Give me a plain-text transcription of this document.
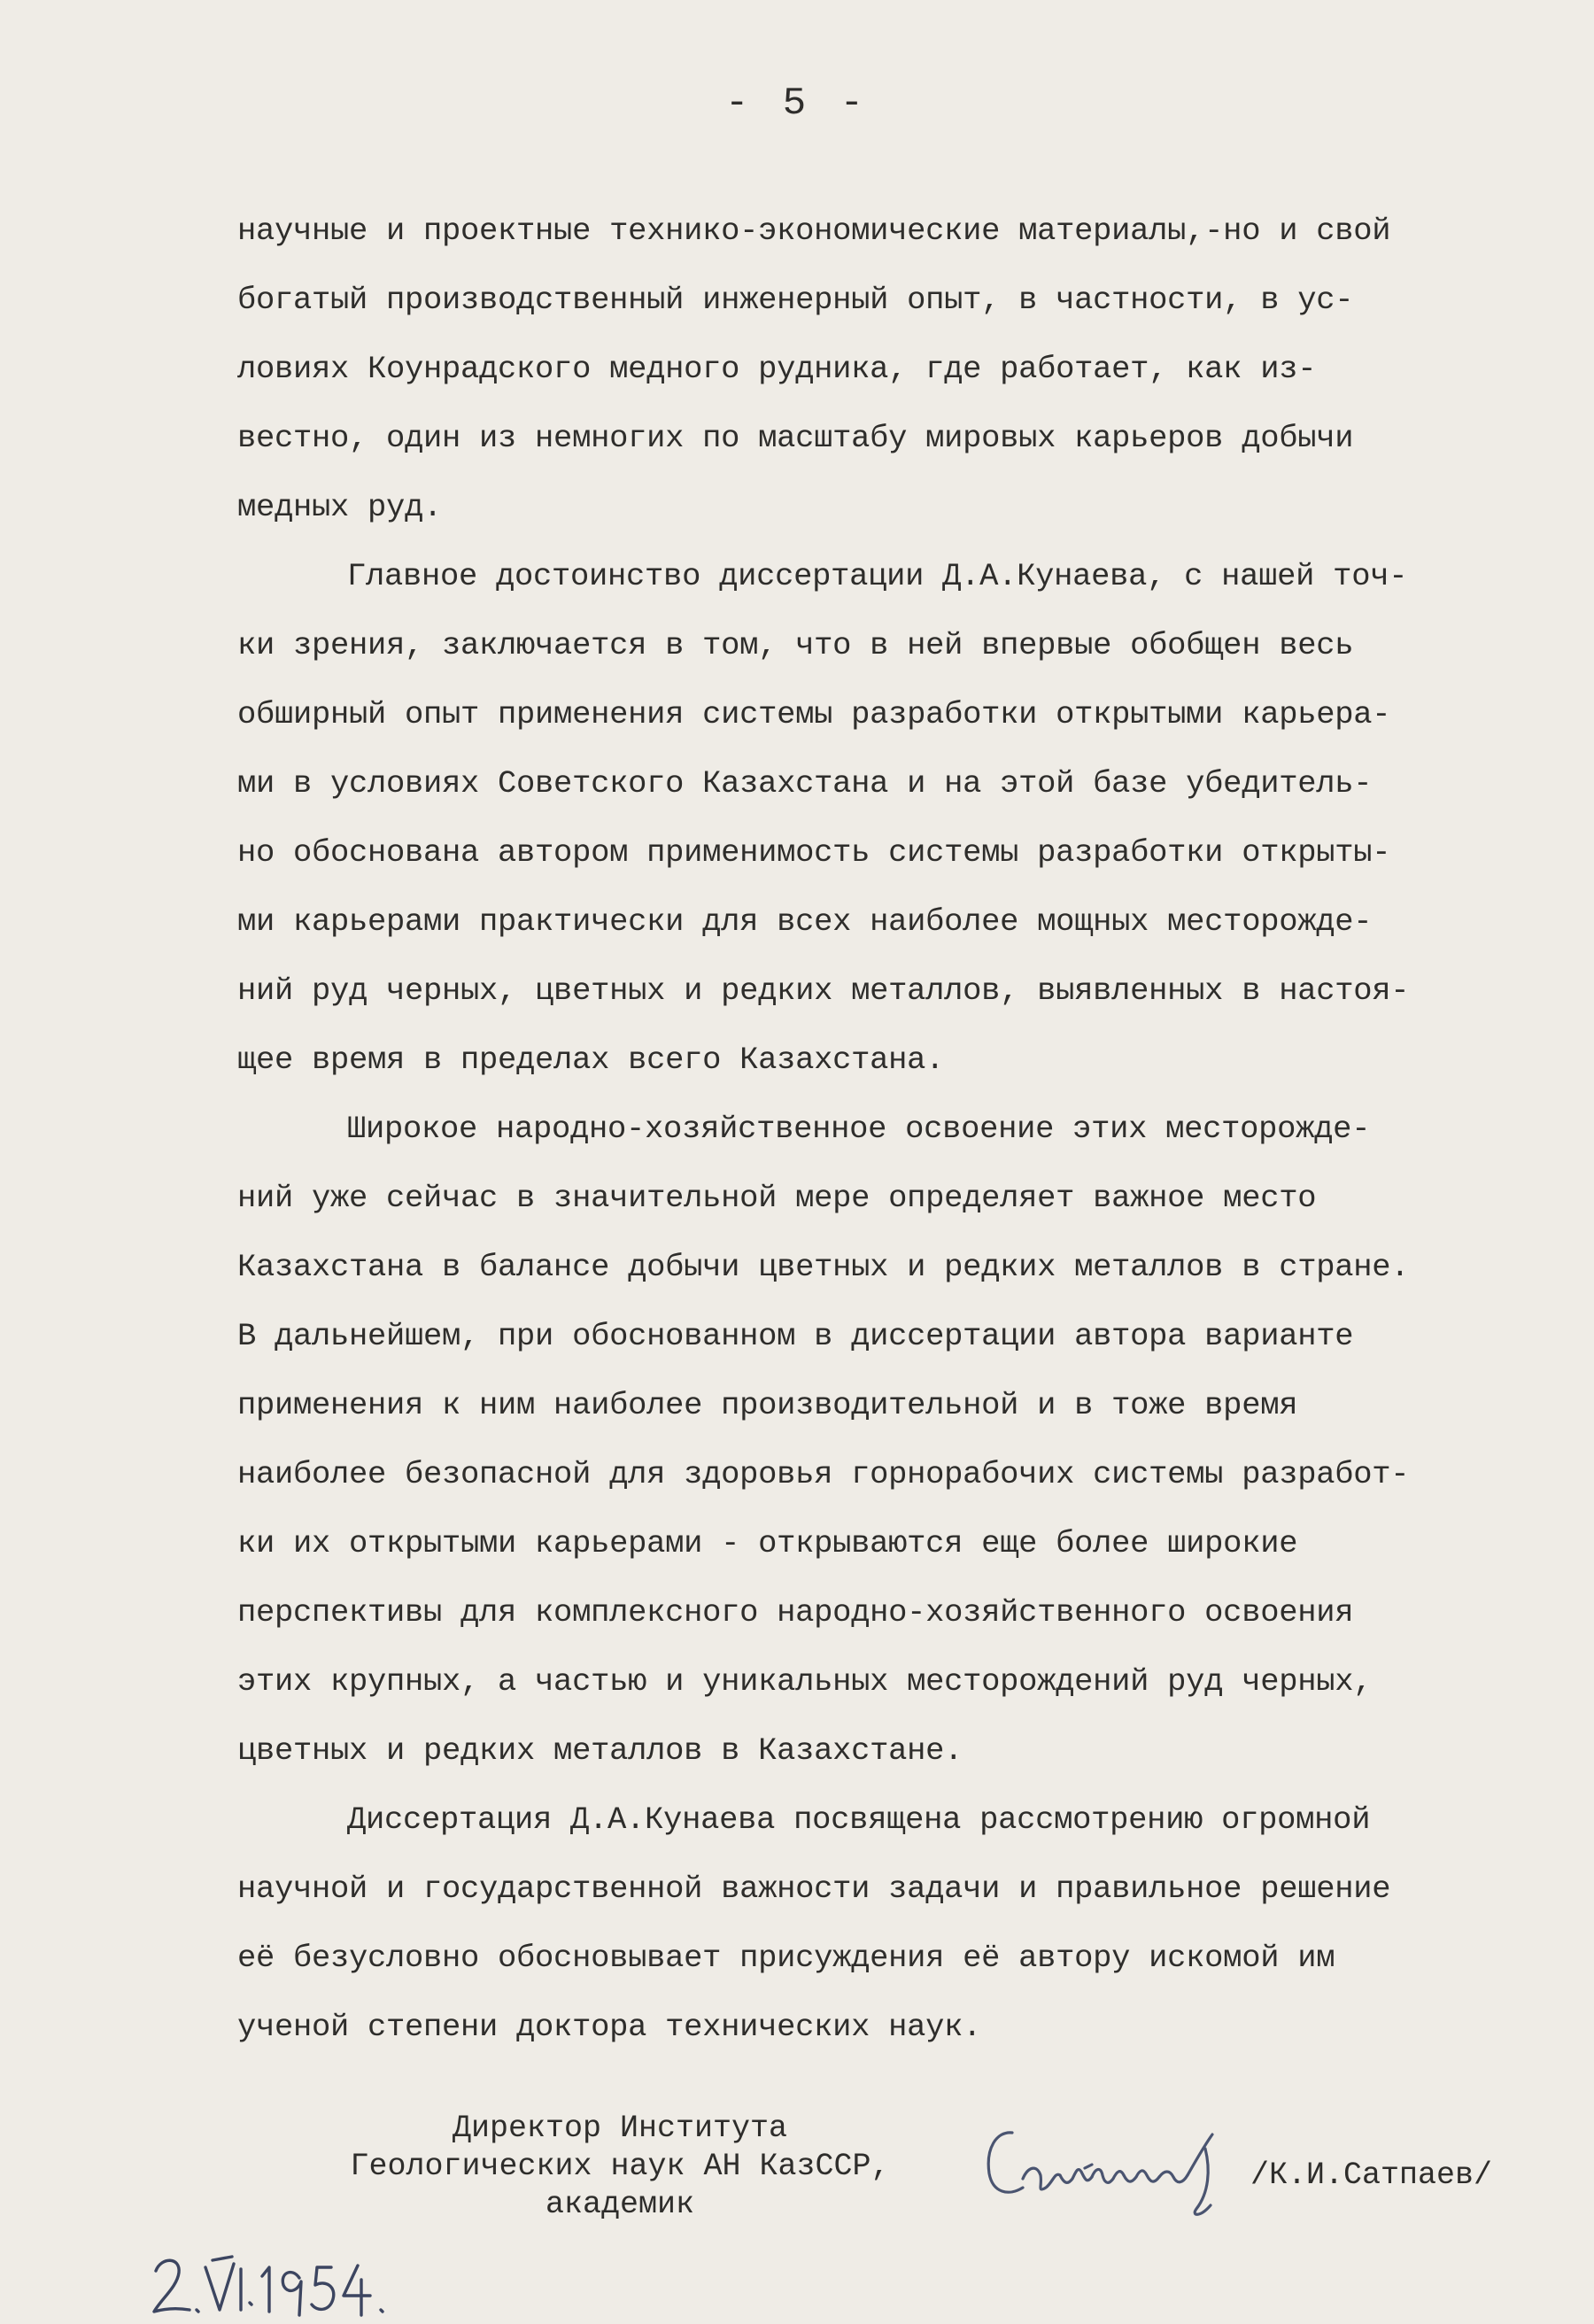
- 5 -
научные и проектные технико-экономические материалы,-но и свой
богатый производственный инженерный опыт, в частности, в ус-
ловиях Коунрадского медного рудника, где работает, как из-
вестно, один из немногих по масштабу мировых карьеров добычи
медных руд.
Главное достоинство диссертации Д.А.Кунаева, с нашей точ-
ки зрения, заключается в том, что в ней впервые обобщен весь
обширный опыт применения системы разработки открытыми карьера-
ми в условиях Советского Казахстана и на этой базе убедитель-
но обоснована автором применимость системы разработки открыты-
ми карьерами практически для всех наиболее мощных месторожде-
ний руд черных, цветных и редких металлов, выявленных в настоя-
щее время в пределах всего Казахстана.
Широкое народно-хозяйственное освоение этих месторожде-
ний уже сейчас в значительной мере определяет важное место
Казахстана в балансе добычи цветных и редких металлов в стране.
В дальнейшем, при обоснованном в диссертации автора варианте
применения к ним наиболее производительной и в тоже время
наиболее безопасной для здоровья горнорабочих системы разработ-
ки их открытыми карьерами - открываются еще более широкие
перспективы для комплексного народно-хозяйственного освоения
этих крупных, а частью и уникальных месторождений руд черных,
цветных и редких металлов в Казахстане.
Диссертация Д.А.Кунаева посвящена рассмотрению огромной
научной и государственной важности задачи и правильное решение
её безусловно обосновывает присуждения её автору искомой им
ученой степени доктора технических наук.
Директор Института
Геологических наук АН КазССР,
академик
/К.И.Сатпаев/
